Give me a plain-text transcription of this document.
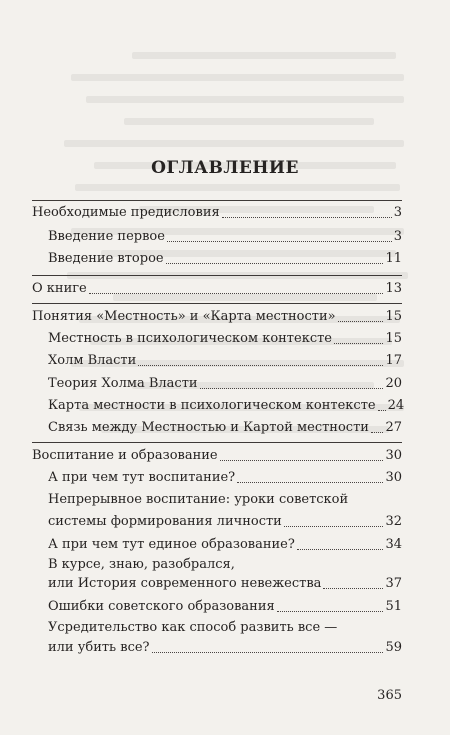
ОГЛАВЛЕНИЕ
Необходимые предисловия	3
Введение первое	3
Введение второе	11
О книге	13
Понятия «Местность» и «Карта местности»	15
Местность в психологическом контексте	15
Холм Власти	17
Теория Холма Власти	20
Карта местности в психологическом контексте 24
Связь между Местностью и Картой местности 27
Воспитание и образование	30
А при чем тут воспитание?	30
Непрерывное воспитание: уроки советской
системы формирования личности	32
А при чем тут единое образование?	34
В курсе, знаю, разобрался,
или История современного невежества	37
Ошибки советского образования	51
Усредительство как способ развить все —
или убить все?	59
365
